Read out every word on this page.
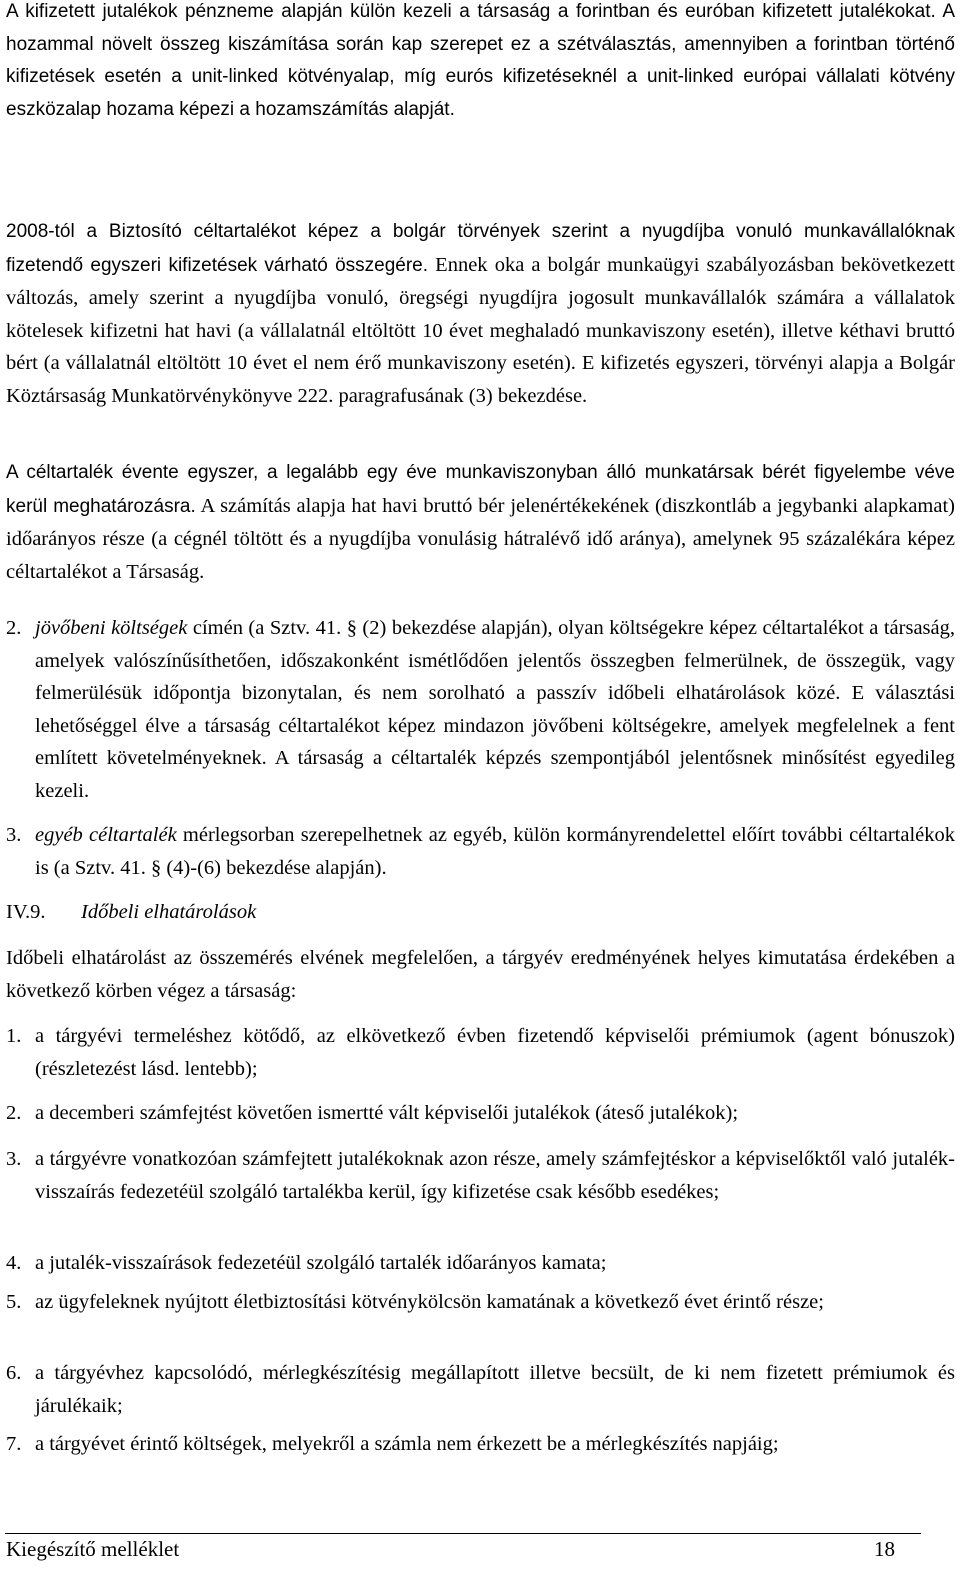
A kifizetett jutalékok pénzneme alapján külön kezeli a társaság a forintban és euróban kifizetett jutalékokat. A hozammal növelt összeg kiszámítása során kap szerepet ez a szétválasztás, amennyiben a forintban történő kifizetések esetén a unit-linked kötvényalap, míg eurós kifizetéseknél a unit-linked európai vállalati kötvény eszközalap hozama képezi a hozamszámítás alapját.

2008-tól a Biztosító céltartalékot képez a bolgár törvények szerint a nyugdíjba vonuló munkavállalóknak fizetendő egyszeri kifizetések várható összegére. Ennek oka a bolgár munkaügyi szabályozásban bekövetkezett változás, amely szerint a nyugdíjba vonuló, öregségi nyugdíjra jogosult munkavállalók számára a vállalatok kötelesek kifizetni hat havi (a vállalatnál eltöltött 10 évet meghaladó munkaviszony esetén), illetve kéthavi bruttó bért (a vállalatnál eltöltött 10 évet el nem érő munkaviszony esetén). E kifizetés egyszeri, törvényi alapja a Bolgár Köztársaság Munkatörvénykönyve 222. paragrafusának (3) bekezdése.

A céltartalék évente egyszer, a legalább egy éve munkaviszonyban álló munkatársak bérét figyelembe véve kerül meghatározásra. A számítás alapja hat havi bruttó bér jelenértékekének (diszkontláb a jegybanki alapkamat) időarányos része (a cégnél töltött és a nyugdíjba vonulásig hátralévő idő aránya), amelynek 95 százalékára képez céltartalékot a Társaság.

2. jövőbeni költségek címén (a Sztv. 41. § (2) bekezdése alapján), olyan költségekre képez céltartalékot a társaság, amelyek valószínűsíthetően, időszakonként ismétlődően jelentős összegben felmerülnek, de összegük, vagy felmerülésük időpontja bizonytalan, és nem sorolható a passzív időbeli elhatárolások közé. E választási lehetőséggel élve a társaság céltartalékot képez mindazon jövőbeni költségekre, amelyek megfelelnek a fent említett követelményeknek. A társaság a céltartalék képzés szempontjából jelentősnek minősítést egyedileg kezeli.
3. egyéb céltartalék mérlegsorban szerepelhetnek az egyéb, külön kormányrendelettel előírt további céltartalékok is (a Sztv. 41. § (4)-(6) bekezdése alapján).
IV.9. Időbeli elhatárolások

Időbeli elhatárolást az összemérés elvének megfelelően, a tárgyév eredményének helyes kimutatása érdekében a következő körben végez a társaság:

1. a tárgyévi termeléshez kötődő, az elkövetkező évben fizetendő képviselői prémiumok (agent bónuszok) (részletezést lásd. lentebb);
2. a decemberi számfejtést követően ismertté vált képviselői jutalékok (áteső jutalékok);
3. a tárgyévre vonatkozóan számfejtett jutalékoknak azon része, amely számfejtéskor a képviselőktől való jutalék-visszaírás fedezetéül szolgáló tartalékba kerül, így kifizetése csak később esedékes;
4. a jutalék-visszaírások fedezetéül szolgáló tartalék időarányos kamata;
5. az ügyfeleknek nyújtott életbiztosítási kötvénykölcsön kamatának a következő évet érintő része;
6. a tárgyévhez kapcsolódó, mérlegkészítésig megállapított illetve becsült, de ki nem fizetett prémiumok és járulékaik;
7. a tárgyévet érintő költségek, melyekről a számla nem érkezett be a mérlegkészítés napjáig;
Kiegészítő melléklet	18
